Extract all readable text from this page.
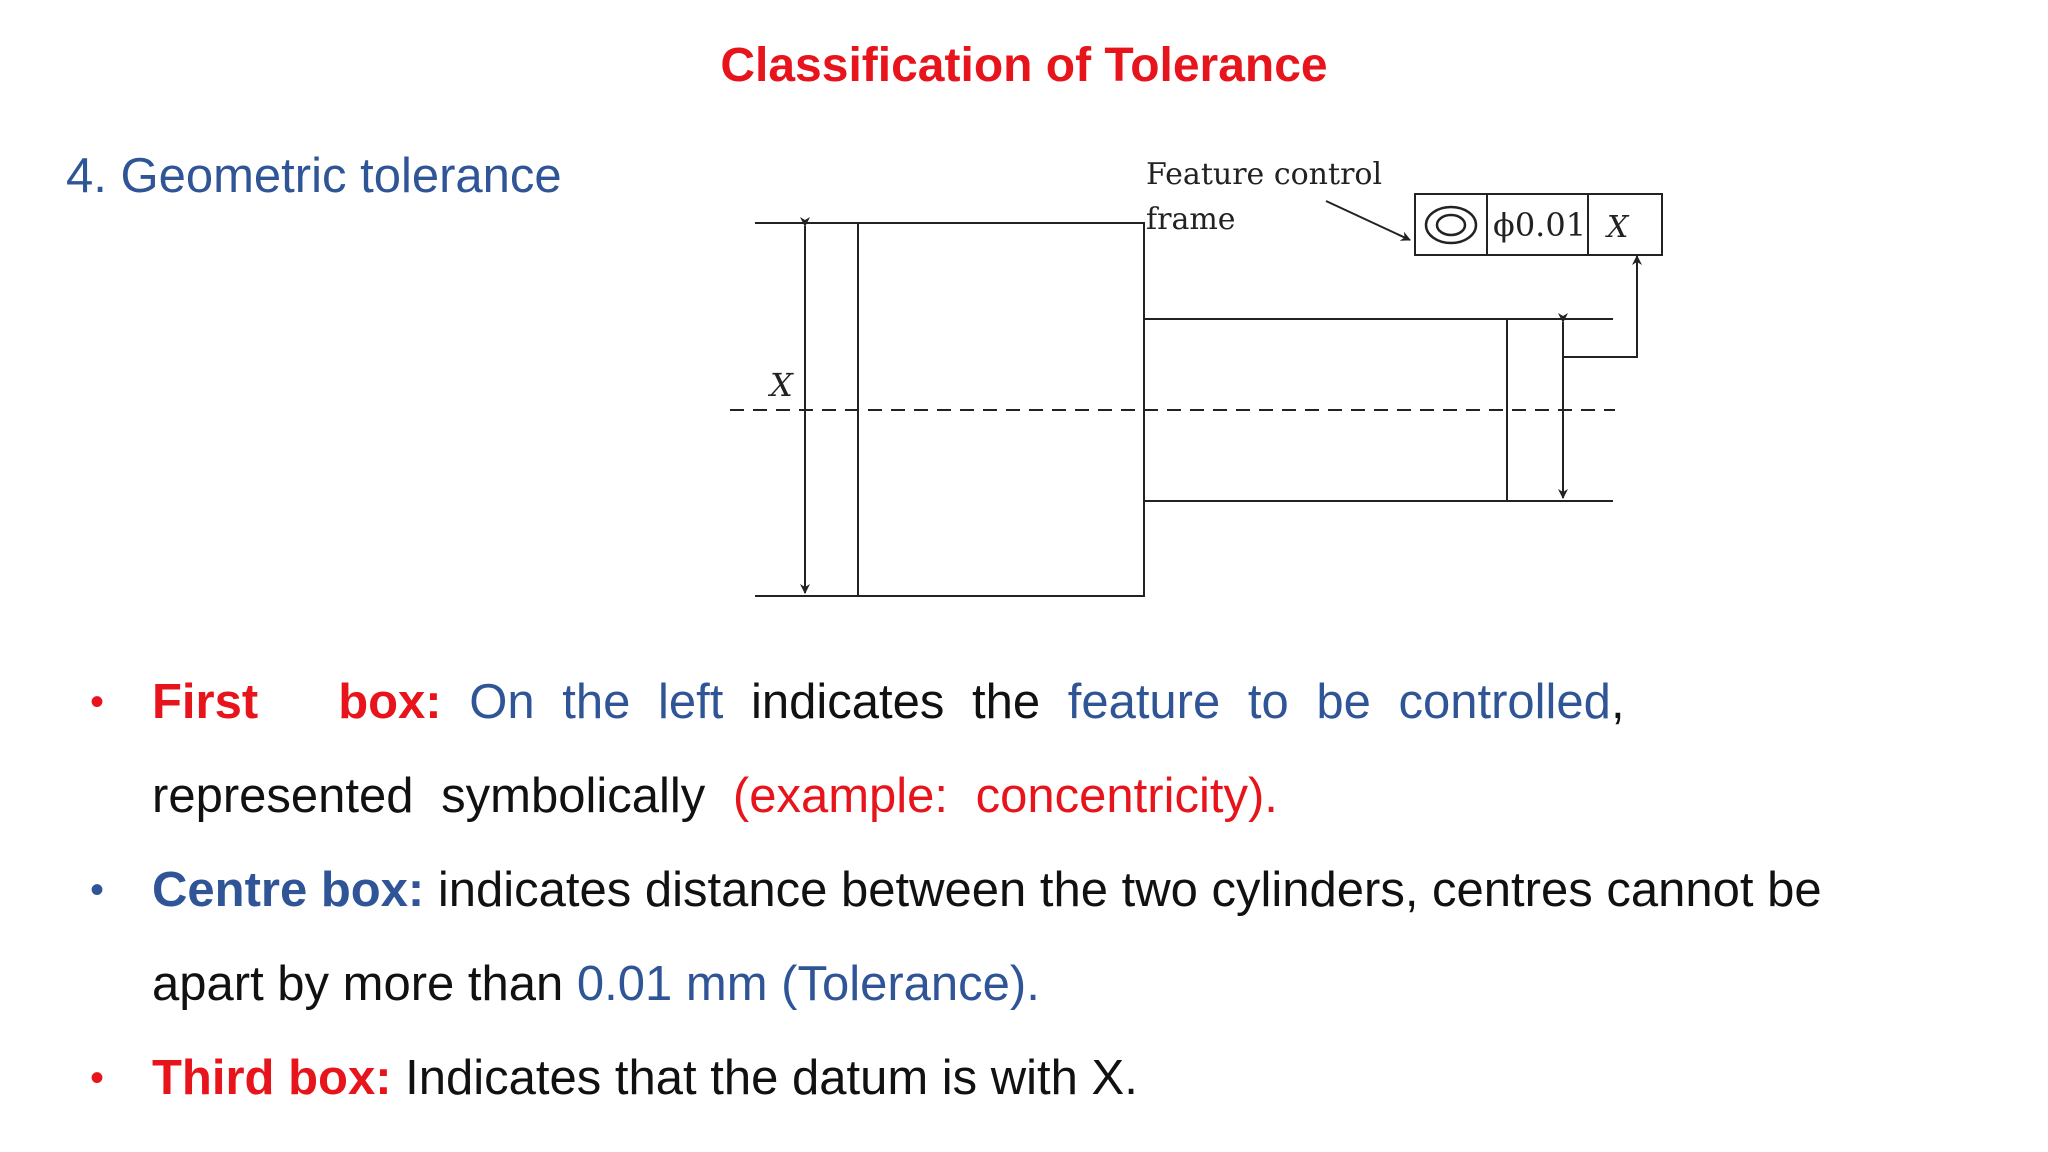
Classification of Tolerance
4. Geometric tolerance
X
ϕ0.01 X
Feature control
frame
• First box: On the left indicates the feature to be controlled,
represented symbolically (example: concentricity).
• Centre box: indicates distance between the two cylinders, centres cannot be
apart by more than 0.01 mm (Tolerance).
• Third box: Indicates that the datum is with X.
